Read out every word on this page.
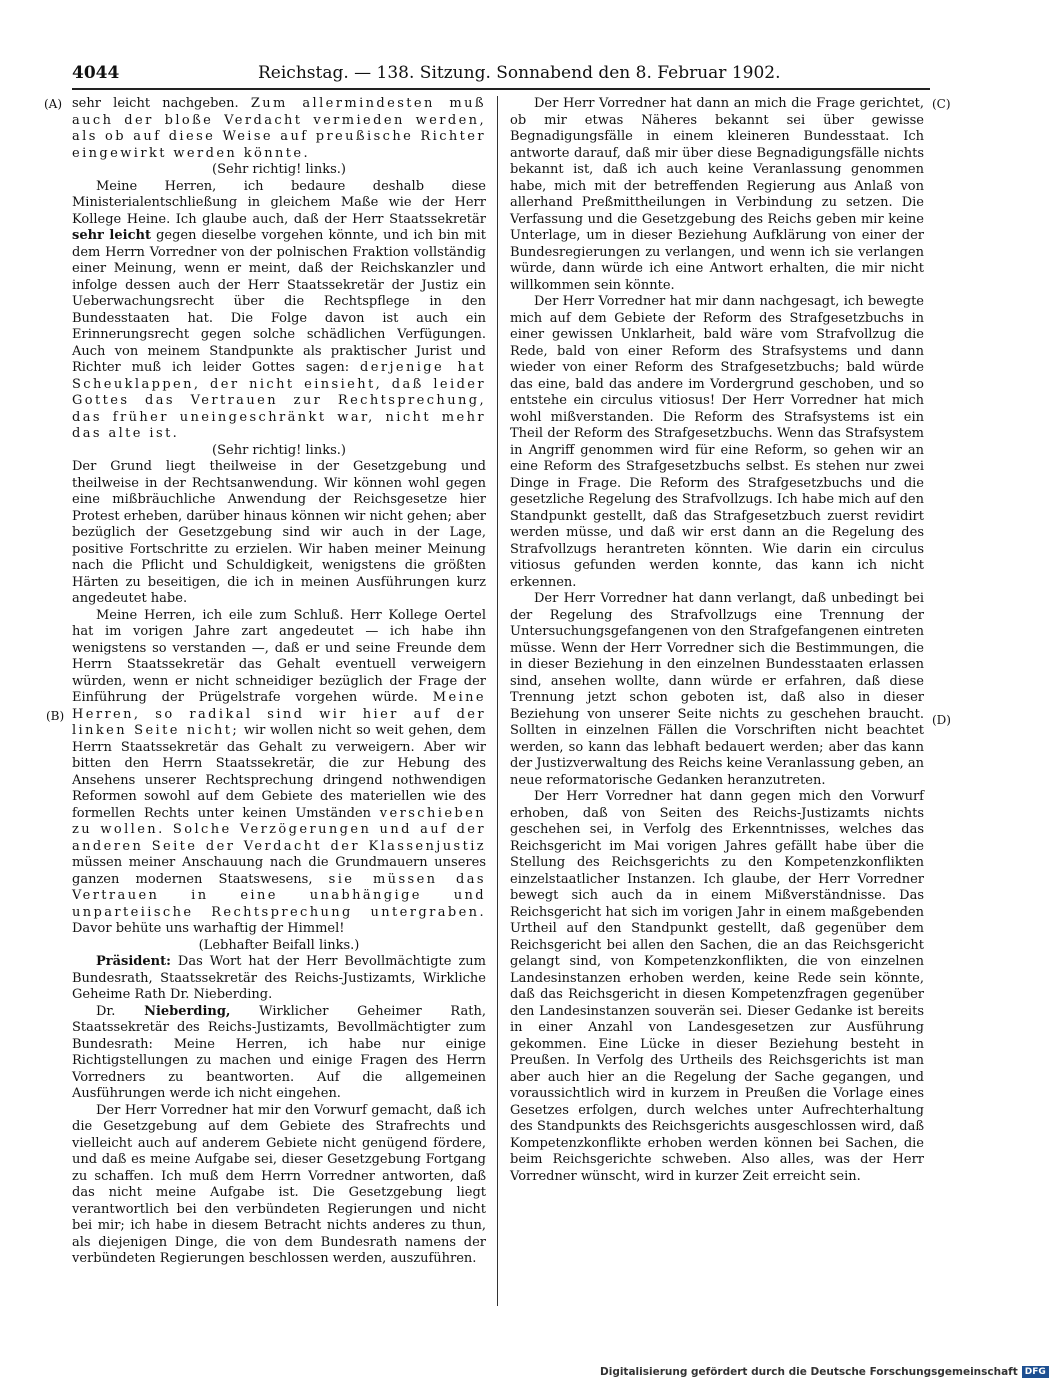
4044	Reichstag. — 138. Sitzung. Sonnabend den 8. Februar 1902.
(A)
(B)
(C)
(D)

sehr leicht nachgeben. Zum allermindesten muß auch der bloße Verdacht vermieden werden, als ob auf diese Weise auf preußische Richter eingewirkt werden könnte.

(Sehr richtig! links.)

Meine Herren, ich bedaure deshalb diese Ministerialentschließung in gleichem Maße wie der Herr Kollege Heine. Ich glaube auch, daß der Herr Staatssekretär sehr leicht gegen dieselbe vorgehen könnte, und ich bin mit dem Herrn Vorredner von der polnischen Fraktion vollständig einer Meinung, wenn er meint, daß der Reichskanzler und infolge dessen auch der Herr Staatssekretär der Justiz ein Ueberwachungsrecht über die Rechtspflege in den Bundesstaaten hat. Die Folge davon ist auch ein Erinnerungsrecht gegen solche schädlichen Verfügungen. Auch von meinem Standpunkte als praktischer Jurist und Richter muß ich leider Gottes sagen: derjenige hat Scheuklappen, der nicht einsieht, daß leider Gottes das Vertrauen zur Rechtsprechung, das früher uneingeschränkt war, nicht mehr das alte ist.

(Sehr richtig! links.)

Der Grund liegt theilweise in der Gesetzgebung und theilweise in der Rechtsanwendung. Wir können wohl gegen eine mißbräuchliche Anwendung der Reichsgesetze hier Protest erheben, darüber hinaus können wir nicht gehen; aber bezüglich der Gesetzgebung sind wir auch in der Lage, positive Fortschritte zu erzielen. Wir haben meiner Meinung nach die Pflicht und Schuldigkeit, wenigstens die größten Härten zu beseitigen, die ich in meinen Ausführungen kurz angedeutet habe.

Meine Herren, ich eile zum Schluß. Herr Kollege Oertel hat im vorigen Jahre zart angedeutet — ich habe ihn wenigstens so verstanden —, daß er und seine Freunde dem Herrn Staatssekretär das Gehalt eventuell verweigern würden, wenn er nicht schneidiger bezüglich der Frage der Einführung der Prügelstrafe vorgehen würde. Meine Herren, so radikal sind wir hier auf der linken Seite nicht; wir wollen nicht so weit gehen, dem Herrn Staatssekretär das Gehalt zu verweigern. Aber wir bitten den Herrn Staatssekretär, die zur Hebung des Ansehens unserer Rechtsprechung dringend nothwendigen Reformen sowohl auf dem Gebiete des materiellen wie des formellen Rechts unter keinen Umständen verschieben zu wollen. Solche Verzögerungen und auf der anderen Seite der Verdacht der Klassenjustiz müssen meiner Anschauung nach die Grundmauern unseres ganzen modernen Staatswesens, sie müssen das Vertrauen in eine unabhängige und unparteiische Rechtsprechung untergraben. Davor behüte uns warhaftig der Himmel!

(Lebhafter Beifall links.)

Präsident: Das Wort hat der Herr Bevollmächtigte zum Bundesrath, Staatssekretär des Reichs-Justizamts, Wirkliche Geheime Rath Dr. Nieberding.

Dr. Nieberding, Wirklicher Geheimer Rath, Staatssekretär des Reichs-Justizamts, Bevollmächtigter zum Bundesrath: Meine Herren, ich habe nur einige Richtigstellungen zu machen und einige Fragen des Herrn Vorredners zu beantworten. Auf die allgemeinen Ausführungen werde ich nicht eingehen.

Der Herr Vorredner hat mir den Vorwurf gemacht, daß ich die Gesetzgebung auf dem Gebiete des Strafrechts und vielleicht auch auf anderem Gebiete nicht genügend fördere, und daß es meine Aufgabe sei, dieser Gesetzgebung Fortgang zu schaffen. Ich muß dem Herrn Vorredner antworten, daß das nicht meine Aufgabe ist. Die Gesetzgebung liegt verantwortlich bei den verbündeten Regierungen und nicht bei mir; ich habe in diesem Betracht nichts anderes zu thun, als diejenigen Dinge, die von dem Bundesrath namens der verbündeten Regierungen beschlossen werden, auszuführen.

Der Herr Vorredner hat dann an mich die Frage gerichtet, ob mir etwas Näheres bekannt sei über gewisse Begnadigungsfälle in einem kleineren Bundesstaat. Ich antworte darauf, daß mir über diese Begnadigungsfälle nichts bekannt ist, daß ich auch keine Veranlassung genommen habe, mich mit der betreffenden Regierung aus Anlaß von allerhand Preßmittheilungen in Verbindung zu setzen. Die Verfassung und die Gesetzgebung des Reichs geben mir keine Unterlage, um in dieser Beziehung Aufklärung von einer der Bundesregierungen zu verlangen, und wenn ich sie verlangen würde, dann würde ich eine Antwort erhalten, die mir nicht willkommen sein könnte.

Der Herr Vorredner hat mir dann nachgesagt, ich bewegte mich auf dem Gebiete der Reform des Strafgesetzbuchs in einer gewissen Unklarheit, bald wäre vom Strafvollzug die Rede, bald von einer Reform des Strafsystems und dann wieder von einer Reform des Strafgesetzbuchs; bald würde das eine, bald das andere im Vordergrund geschoben, und so entstehe ein circulus vitiosus! Der Herr Vorredner hat mich wohl mißverstanden. Die Reform des Strafsystems ist ein Theil der Reform des Strafgesetzbuchs. Wenn das Strafsystem in Angriff genommen wird für eine Reform, so gehen wir an eine Reform des Strafgesetzbuchs selbst. Es stehen nur zwei Dinge in Frage. Die Reform des Strafgesetzbuchs und die gesetzliche Regelung des Strafvollzugs. Ich habe mich auf den Standpunkt gestellt, daß das Strafgesetzbuch zuerst revidirt werden müsse, und daß wir erst dann an die Regelung des Strafvollzugs herantreten könnten. Wie darin ein circulus vitiosus gefunden werden konnte, das kann ich nicht erkennen.

Der Herr Vorredner hat dann verlangt, daß unbedingt bei der Regelung des Strafvollzugs eine Trennung der Untersuchungsgefangenen von den Strafgefangenen eintreten müsse. Wenn der Herr Vorredner sich die Bestimmungen, die in dieser Beziehung in den einzelnen Bundesstaaten erlassen sind, ansehen wollte, dann würde er erfahren, daß diese Trennung jetzt schon geboten ist, daß also in dieser Beziehung von unserer Seite nichts zu geschehen braucht. Sollten in einzelnen Fällen die Vorschriften nicht beachtet werden, so kann das lebhaft bedauert werden; aber das kann der Justizverwaltung des Reichs keine Veranlassung geben, an neue reformatorische Gedanken heranzutreten.

Der Herr Vorredner hat dann gegen mich den Vorwurf erhoben, daß von Seiten des Reichs-Justizamts nichts geschehen sei, in Verfolg des Erkenntnisses, welches das Reichsgericht im Mai vorigen Jahres gefällt habe über die Stellung des Reichsgerichts zu den Kompetenzkonflikten einzelstaatlicher Instanzen. Ich glaube, der Herr Vorredner bewegt sich auch da in einem Mißverständnisse. Das Reichsgericht hat sich im vorigen Jahr in einem maßgebenden Urtheil auf den Standpunkt gestellt, daß gegenüber dem Reichsgericht bei allen den Sachen, die an das Reichsgericht gelangt sind, von Kompetenzkonflikten, die von einzelnen Landesinstanzen erhoben werden, keine Rede sein könnte, daß das Reichsgericht in diesen Kompetenzfragen gegenüber den Landesinstanzen souverän sei. Dieser Gedanke ist bereits in einer Anzahl von Landesgesetzen zur Ausführung gekommen. Eine Lücke in dieser Beziehung besteht in Preußen. In Verfolg des Urtheils des Reichsgerichts ist man aber auch hier an die Regelung der Sache gegangen, und voraussichtlich wird in kurzem in Preußen die Vorlage eines Gesetzes erfolgen, durch welches unter Aufrechterhaltung des Standpunkts des Reichsgerichts ausgeschlossen wird, daß Kompetenzkonflikte erhoben werden können bei Sachen, die beim Reichsgerichte schweben. Also alles, was der Herr Vorredner wünscht, wird in kurzer Zeit erreicht sein.

Digitalisierung gefördert durch die Deutsche Forschungsgemeinschaft DFG
